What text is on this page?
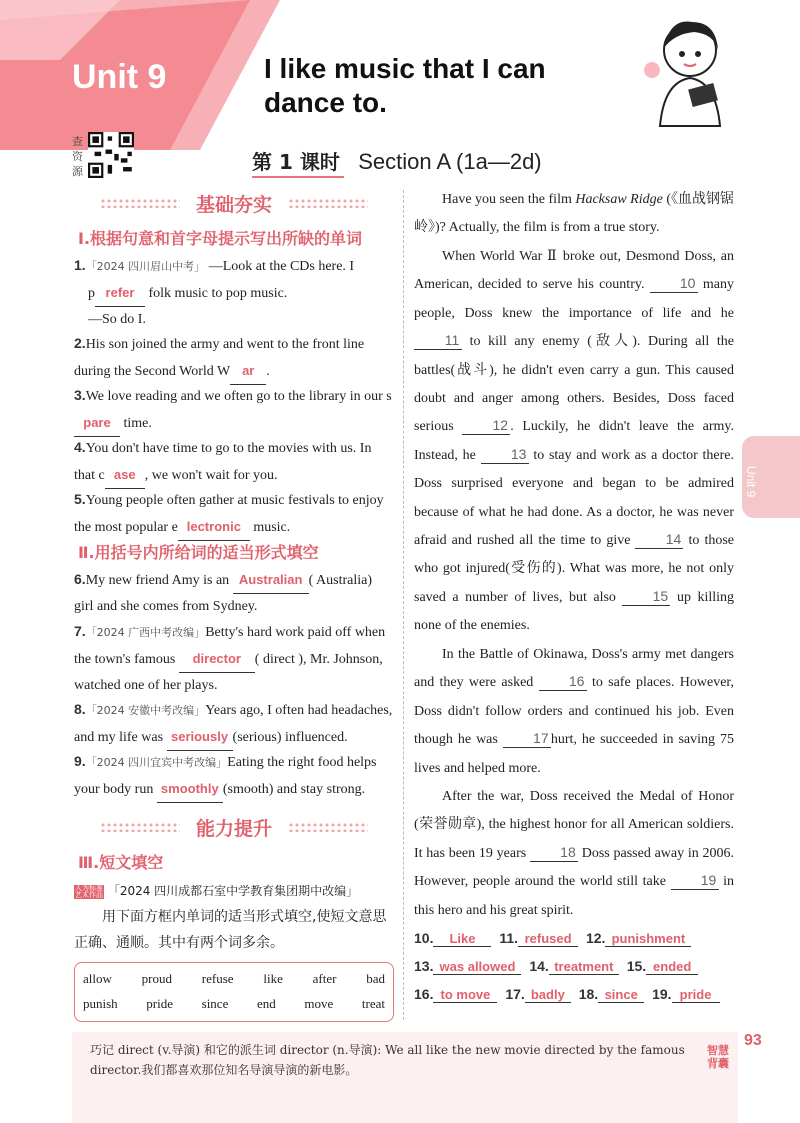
Unit 9	I like music that I can
dance to.
查资源	第 1 课时 Section A (1a—2d)
基础夯实
Ⅰ.根据句意和首字母提示写出所缺的单词
1.「2024 四川眉山中考」 —Look at the CDs here. I
p refer folk music to pop music.
—So do I.
2.His son joined the army and went to the front line during the Second World W ar .
3.We love reading and we often go to the library in our spare time.
4.You don't have time to go to the movies with us. In that c ase , we won't wait for you.
5.Young people often gather at music festivals to enjoy the most popular e lectronic music.
Ⅱ.用括号内所给词的适当形式填空
6.My new friend Amy is an Australian ( Australia) girl and she comes from Sydney.
7.「2024 广西中考改编」Betty's hard work paid off when the town's famous director ( direct ), Mr. Johnson, watched one of her plays.
8.「2024 安徽中考改编」Years ago, I often had headaches, and my life was seriously (serious) influenced.
9.「2024 四川宜宾中考改编」Eating the right food helps your body run smoothly (smooth) and stay strong.
能力提升
Ⅲ.短文填空
人为标准 艺术作品 「2024 四川成都石室中学教育集团期中改编」
用下面方框内单词的适当形式填空,使短文意思正确、通顺。其中有两个词多余。
allow proud refuse like after bad
punish pride since end move treat
Have you seen the film Hacksaw Ridge (《血战钢锯岭》)? Actually, the film is from a true story.
When World War Ⅱ broke out, Desmond Doss, an American, decided to serve his country.	10 many people, Doss knew the importance of life and he 11 to kill any enemy (敌人). During all the battles(战斗), he didn't even carry a gun. This caused doubt and anger among others. Besides, Doss faced serious	12 . Luckily, he didn't leave the army. Instead, he 13 to stay and work as a doctor there. Doss surprised everyone and began to be admired because of what he had done. As a doctor, he was never afraid and rushed all the time to give	14 to those who got injured(受伤的). What was more, he not only saved a number of lives, but also	15 up killing none of the enemies.
In the Battle of Okinawa, Doss's army met dangers and they were asked	16 to safe places. However, Doss didn't follow orders and continued his job. Even though he was	17 hurt, he succeeded in saving 75 lives and helped more.
After the war, Doss received the Medal of Honor (荣誉勋章), the highest honor for all American soldiers. It has been 19 years 18 Doss passed away in 2006. However, people around the world still take 19 in this hero and his great spirit.
10. Like 11. refused 12. punishment
13. was allowed 14. treatment 15. ended
16. to move 17. badly 18. since 19. pride
Unit 9
巧记 direct (v.导演) 和它的派生词 director (n.导演): We all like the new movie directed by the famous director.我们都喜欢那位知名导演导演的新电影。
智慧背囊
93
